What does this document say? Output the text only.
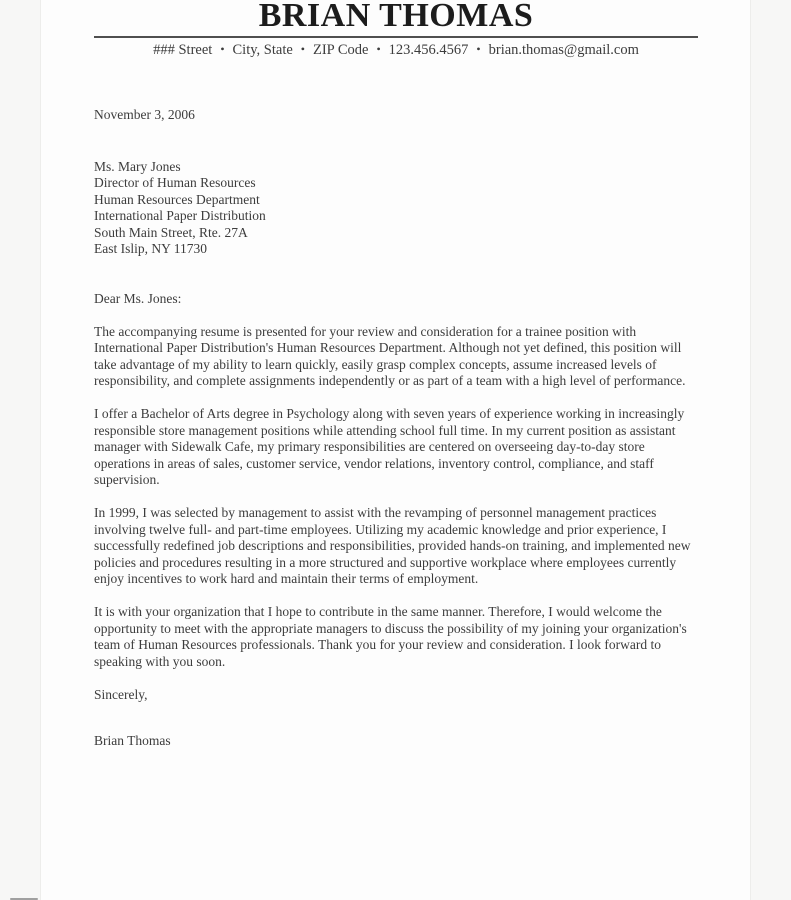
BRIAN THOMAS
### Street • City, State • ZIP Code • 123.456.4567 • brian.thomas@gmail.com
November 3, 2006
Ms. Mary Jones
Director of Human Resources
Human Resources Department
International Paper Distribution
South Main Street, Rte. 27A
East Islip, NY 11730
Dear Ms. Jones:

The accompanying resume is presented for your review and consideration for a trainee position with International Paper Distribution's Human Resources Department. Although not yet defined, this position will take advantage of my ability to learn quickly, easily grasp complex concepts, assume increased levels of responsibility, and complete assignments independently or as part of a team with a high level of performance.

I offer a Bachelor of Arts degree in Psychology along with seven years of experience working in increasingly responsible store management positions while attending school full time. In my current position as assistant manager with Sidewalk Cafe, my primary responsibilities are centered on overseeing day-to-day store operations in areas of sales, customer service, vendor relations, inventory control, compliance, and staff supervision.

In 1999, I was selected by management to assist with the revamping of personnel management practices involving twelve full- and part-time employees. Utilizing my academic knowledge and prior experience, I successfully redefined job descriptions and responsibilities, provided hands-on training, and implemented new policies and procedures resulting in a more structured and supportive workplace where employees currently enjoy incentives to work hard and maintain their terms of employment.

It is with your organization that I hope to contribute in the same manner. Therefore, I would welcome the opportunity to meet with the appropriate managers to discuss the possibility of my joining your organization's team of Human Resources professionals. Thank you for your review and consideration. I look forward to speaking with you soon.

Sincerely,
Brian Thomas
